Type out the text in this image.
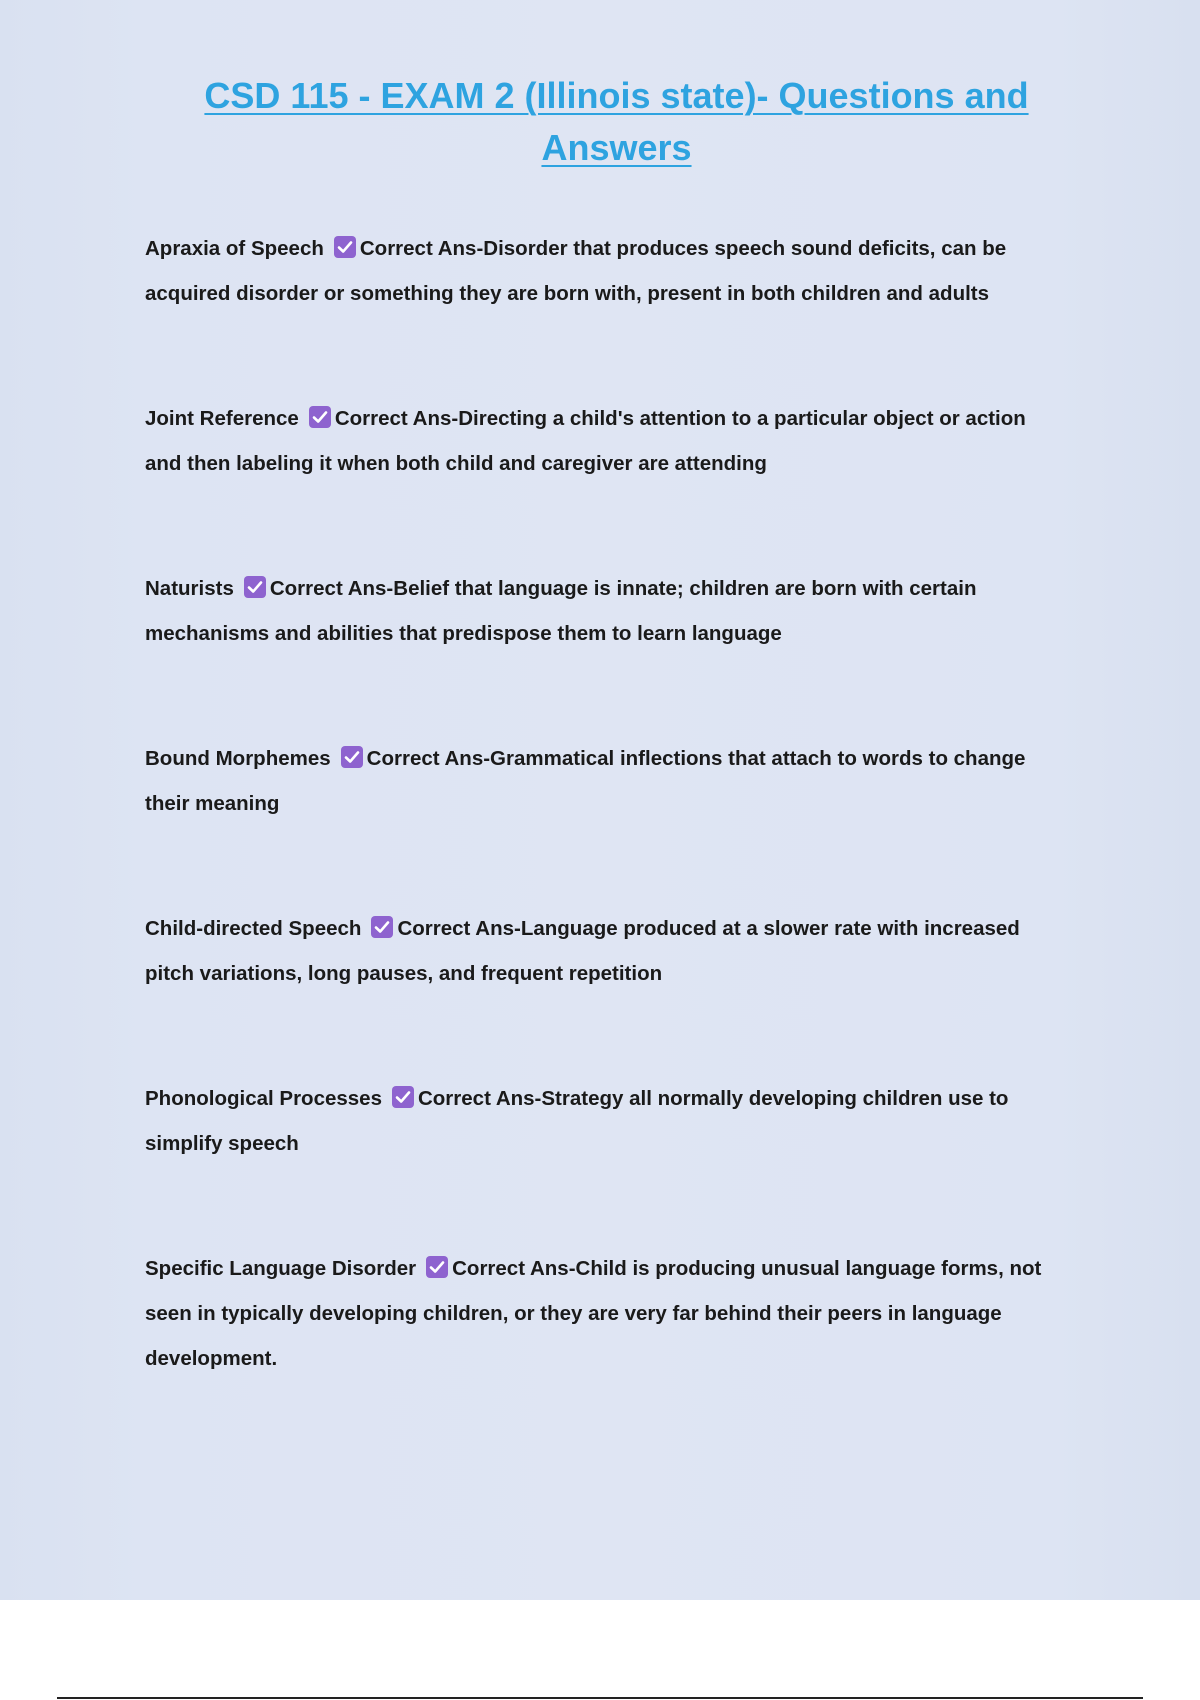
CSD 115 - EXAM 2 (Illinois state)- Questions and Answers

Apraxia of Speech Correct Ans-Disorder that produces speech sound deficits, can be acquired disorder or something they are born with, present in both children and adults

Joint Reference Correct Ans-Directing a child's attention to a particular object or action and then labeling it when both child and caregiver are attending

Naturists Correct Ans-Belief that language is innate; children are born with certain mechanisms and abilities that predispose them to learn language

Bound Morphemes Correct Ans-Grammatical inflections that attach to words to change their meaning

Child-directed Speech Correct Ans-Language produced at a slower rate with increased pitch variations, long pauses, and frequent repetition

Phonological Processes Correct Ans-Strategy all normally developing children use to simplify speech

Specific Language Disorder Correct Ans-Child is producing unusual language forms, not seen in typically developing children, or they are very far behind their peers in language development.
